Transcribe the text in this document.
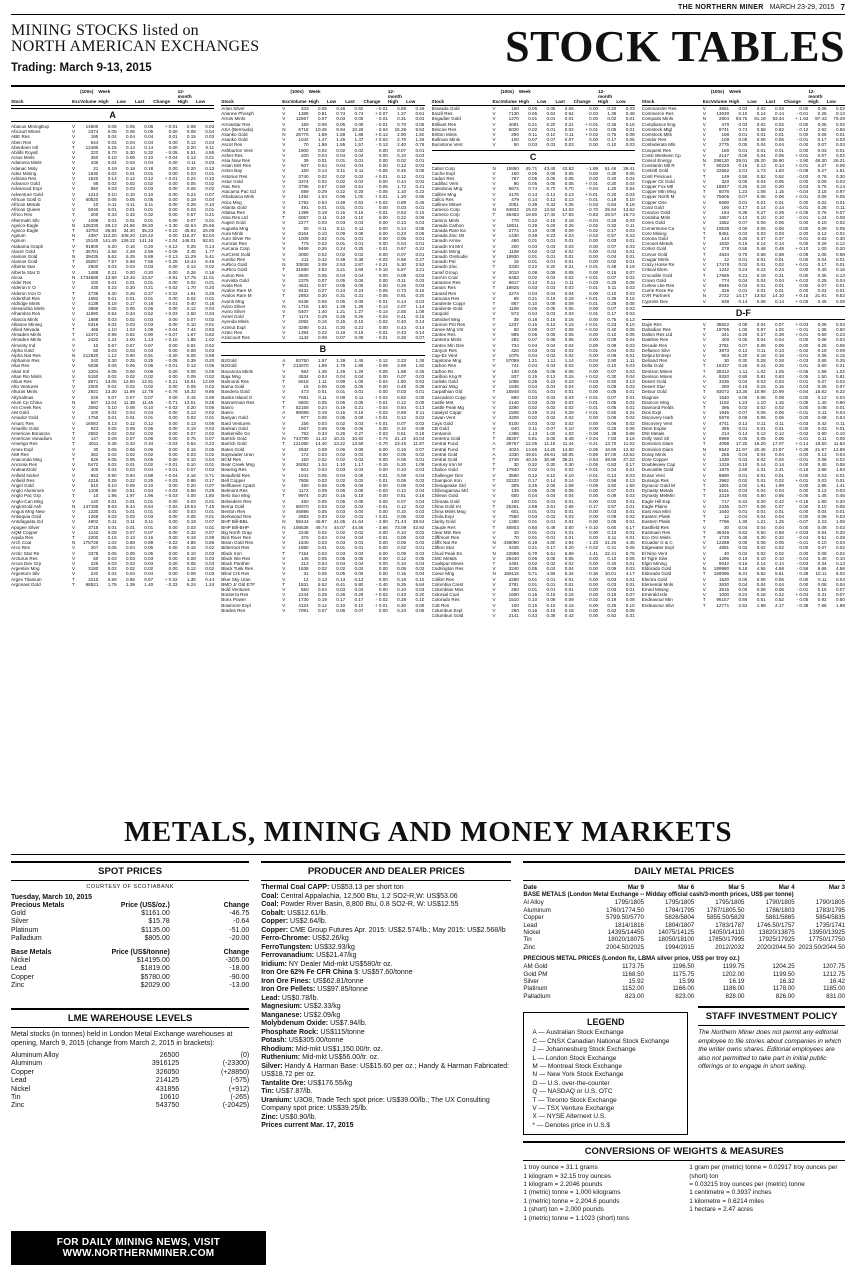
THE NORTHERN MINER MARCH 23-29, 2015 7
MINING STOCKS listed on
NORTH AMERICAN EXCHANGES
Trading: March 9-13, 2015	STOCK TABLES
(100s)	Week	12-month
Stock	Exc Volume High	Low	Last	Change	High	Low
A
Abacus MiningExp	V	14605	0.06	0.05	0.06	+ 0.01	0.08	0.03
Abcourt Mines	V	3374	0.05	0.05	0.05	0.00	0.08	0.04
ABE Res	V	195	0.04	0.04	0.04	0.01	0.15	0.03
Aben Res	V	644	0.04	0.04	0.04	0.00	0.12	0.04
Aberdeen Intl	T	12495	0.15	0.14	0.14	0.00	0.20	0.11
Abitibi Royalt	V	220	5.70	5.30	5.32	- 0.05	5.51	4.55
Actus Minls	V	360	0.10	0.06	0.10	+ 0.04	0.12	0.01
Adamera Minls	V	436	0.04	0.03	0.04	0.00	0.11	0.03
Adanac Moly	V	21	0.19	0.18	0.18	0.00	0.20	0.13
Adex Mining	V	1630	0.02	0.01	0.01	0.00	0.03	0.01
Adriana Res	V	1520	0.14	0.12	0.12	+ 0.01	0.24	0.10
Advance Gold	V	85	0.02	0.02	0.02	0.00	0.05	0.02
Advanced Expl	V	550	0.03	0.03	0.03	0.00	0.08	0.02
Adventure Gold	V	1213	0.10	0.10	0.10	0.00	0.24	0.07
African Gold G	V	60520	0.05	0.05	0.05	0.00	0.19	0.04
African Metals	V	10	0.11	0.11	0.11	0.00	0.28	0.10
African Queen	V	5040	0.01	0.01	0.01	0.00	0.03	0.01
Africo Res	T	209	0.33	0.32	0.32	0.00	0.57	0.21
Aftermath Silv	V	1096	0.01	0.01	0.01	0.00	0.07	0.01
Agnico-Eagle	N	126330	29.13	24.66	28.20	+ 3.30	42.64	25.65
Agnico-Eagle	T	43754	36.84	34.20	35.23	+ 0.10	45.92	25.05
Agrium	N	4397 112.20 108.20 110.42	0.00 116.37	82.04
Agrium	T	15145 141.49 136.22 141.16	+ 2.04 146.01	92.81
Alabama Graph	V	91909	0.20	0.16	0.20	+ 0.12	0.25	0.14
Alacer Gold	T	35781	2.56	2.28	2.56	+ 0.08	3.45	1.77
Alamos Gold	N	39435	5.62	5.25	5.89	+ 0.13	11.29	5.41
Alamos Gold	T	28287	7.57	6.68	7.55	+ 0.28	10.44	6.45
Alberta Star	V	2600	0.03	0.03	0.03	0.00	0.14	0.02
Alberta Star D	V	1488	0.21	0.20	0.20	0.00	0.26	0.16
Alcoa	N	1734588	13.89	13.34	13.57	- 0.91	17.75	11.01
Alder Res	V	100	0.01	0.01	0.01	0.00	0.02	0.01
Alderon Ir O	V	435	0.23	0.20	0.21	+ 0.02	1.70	0.20
Alderon Iron O	T	4736	0.30	0.26	0.27	+ 0.02	1.91	0.25
Aldershot Res	V	1082	0.01	0.01	0.01	0.00	0.02	0.01
Aldridge Minls	V	4139	0.18	0.17	0.18	+ 0.01	0.40	0.16
Alexandria Minls	V	3585	0.06	0.05	0.06	0.00	0.12	0.04
Alhambra Res	V	11690	0.54	0.34	0.52	+ 0.03	2.50	0.34
Alianza Minls	V	1688	0.03	0.02	0.03	0.00	0.07	0.02
Alliance Mining	V	5316	0.04	0.03	0.03	0.00	0.10	0.01
Allied Nevada	T	468	1.10	1.04	1.08	+ 0.04	7.42	0.83
Almaden Minls	T	12472	0.98	0.82	0.90	+ 0.07	1.67	0.82
Almaden Minls	A	2422	1.24	1.00	1.13	+ 0.10	1.85	1.02
Almonty Ind	V	10	0.67	0.67	0.67	0.00	0.91	0.62
Alpha Gold	V	50	0.03	0.03	0.03	0.00	0.08	0.03
Alpha Nat Res	N	212620	1.12	0.90	0.91	- 0.20	5.08	0.88
Alphamin Res	V	240	0.30	0.25	0.25	- 0.05	0.39	0.20
Altai Res	V	5035	0.06	0.06	0.06	+ 0.01	0.12	0.06
Altair Intl	V	3204	0.06	0.06	0.06	0.00	0.08	0.05
Altan Rio Minls	V	5150	0.02	0.02	0.02	0.00	0.09	0.02
Altius Res	T	8571	13.05	12.50	12.91	+ 0.21	15.81	12.00
Alto Ventures	V	2000	0.02	0.02	0.02	0.00	0.05	0.02
Alturas Minls	V	2921	13.30	11.89	12.78	+ 0.76	16.32	9.86
Altynalmas	V	226	0.07	0.07	0.07	0.00	0.15	0.06
Alum Cp China	N	587	12.04	11.38	11.45	- 0.71	13.01	8.26
Am Creek Res	V	3092	0.10	0.08	0.10	+ 0.02	0.20	0.06
AM Gold	V	100	0.04	0.04	0.04	0.00	0.13	0.02
Amador Gold	V	1750	0.01	0.01	0.01	0.00	0.02	0.01
Amarc Res	V	16083	0.13	0.12	0.12	0.00	0.13	0.06
Amarillo Gold	V	923	0.05	0.05	0.05	0.00	0.19	0.03
American Bonanza	T	2552	0.02	0.02	0.02	0.00	0.07	0.02
American Vanadium	V	147	0.09	0.07	0.09	0.00	0.75	0.07
Amerigo Res	T	4011	0.38	0.33	0.34	- 0.03	0.54	0.23
Amex Expl	V	30	0.06	0.06	0.06	0.00	0.15	0.05
AMI Res	V	362	0.02	0.02	0.02	0.00	0.03	0.02
Anaconda Mng	T	626	0.05	0.05	0.05	0.00	0.10	0.04
Anconia Res	V	5472	0.02	0.01	0.02	+ 0.01	0.10	0.01
AndeanGold	V	405	0.04	0.03	0.04	+ 0.01	0.07	0.03
Anfield Nickel	V	553	0.90	0.84	0.88	+ 0.04	2.16	0.71
Anfield Res	V	4216	0.26	0.22	0.25	+ 0.03	0.95	0.17
Angel Gold	V	510	0.10	0.08	0.10	0.00	0.20	0.07
Anglo Aluminum	V	1109	0.56	0.51	0.54	+ 0.03	0.58	0.29
Anglo Pac Grp	T	10	1.96	1.97	1.96	+ 0.03	4.00	1.80
Anglo-Can Mng	V	140	0.01	0.01	0.01	0.00	0.03	0.01
AngloGold Ash	N	147185	9.63	8.44	8.64	- 0.92	19.53	7.45
Angus Mng New	V	1330	0.01	0.01	0.01	0.00	0.03	0.01
Antioquia Gold	V	1265	0.03	0.02	0.03	0.00	0.05	0.01
Antofagasta Gd	V	4902	0.11	0.11	0.11	0.00	0.19	0.07
Apogee Silver	V	3715	0.01	0.01	0.01	0.00	0.03	0.01
AQM Copper	V	1142	0.09	0.07	0.07	0.00	0.32	0.07
Aquila Res	T	2200	0.15	0.13	0.15	0.00	0.19	0.09
Arch Coal	N	175726	1.04	0.88	0.88	- 0.22	4.85	0.86
Arco Res	V	207	0.05	0.04	0.05	0.00	0.15	0.02
Arctic Star Re	V	3378	0.05	0.05	0.05	0.00	0.10	0.03
Arcturus Res	V	50	0.03	0.03	0.03	0.00	0.08	0.03
Arcus Dev Grp	V	228	0.03	0.03	0.03	0.00	0.05	0.03
Argentex Mng	V	3180	0.02	0.02	0.02	0.00	0.12	0.02
Argentum Silv	V	240	0.04	0.04	0.04	0.00	0.08	0.03
Argex Titanium	T	3210	0.59	0.55	0.57	+ 0.02	1.35	0.44
Argonaut Gold	T	98521	1.76	1.39	1.40	- 0.33	6.24	1.24
(100s)	Week	12-month
Stock	Exc Volume High	Low	Last	Change	High	Low
Arian Silver	V	343	0.05	0.46	0.50	- 0.01	0.89	0.46
Arianne Phosph	V	1388	0.81	0.74	0.74	+ 0.07	1.37	0.61
Arrow Minls	V	12667	0.07	0.03	0.05	- 0.01	0.31	0.03
Arrowstar Res	V	169	0.06	0.05	0.06	- 0.01	0.70	0.05
ASA (Bermuda)	N	6716	10.45	9.94	10.26	- 0.04	15.36	9.53
Asanko Gold	N	26776	1.89	1.59	1.88	+ 0.12	2.90	1.50
Asanko Gold	V	1042	1.47	1.26	1.47	+ 0.04	2.76	1.26
Ascot Res	V	70	1.86	1.55	1.57	- 0.13	2.40	0.76
Ashburton Vent	V	1900	0.02	0.02	0.02	0.00	0.07	0.01
Asher Res	V	200	0.04	0.04	0.04	0.00	0.10	0.03
Asia Now Res	V	39	0.01	0.01	0.01	0.00	0.02	0.01
Asian Mnl Res	V	507	0.04	0.04	0.04	0.00	0.13	0.03
Aston Bay	V	160	0.14	0.11	0.11	- 0.05	0.45	0.08
Astorius Res	V	3740	0.02	0.02	0.02	+ 0.01	0.12	0.01
Astur Gold	V	3374	0.02	0.02	0.02	0.00	0.44	0.02
Atac Res	V	3785	0.57	0.50	0.51	- 0.05	1.72	0.41
Atacama Pac Gd	V	599	0.29	0.22	0.25	- 0.05	1.10	0.22
Athabasca Mnls	V	1492	1.04	0.96	1.00	+ 0.01	1.20	0.65
Atico Mng	V	1792	0.54	0.49	0.52	+ 0.02	0.89	0.46
Atlanta Gold	V	491	0.01	0.01	0.01	0.00	0.03	0.01
Atlatsa Res	X	1399	0.18	0.15	0.16	- 0.01	0.53	0.15
Atna Res Ltd	T	6067	0.11	0.10	0.10	0.00	0.22	0.06
Augen Gold	V	2277	0.03	0.03	0.03	0.00	0.13	0.03
Augusta Mng	V	50	0.11	0.11	0.11	0.00	0.14	0.09
Aura Minls	V	8164	0.10	0.09	0.09	0.00	0.23	0.06
Auro Silver Re	V	1009	0.02	0.01	0.01	0.00	0.06	0.01
Auroras Res	V	775	0.02	0.01	0.01	0.00	0.04	0.01
Aurcana Corp	V	9469	0.26	0.24	0.25	- 0.01	0.67	0.22
AurCrest Gold	V	3050	0.02	0.02	0.02	0.00	0.07	0.01
Aurelio Res	V	211	0.42	0.38	0.38	- 0.02	0.66	0.27
AuRico Gold	N	33838	3.09	2.53	2.87	+ 0.21	5.30	2.53
AuRico Gold	T	31680	3.82	3.21	3.69	+ 0.18	5.87	3.21
Aurion Res	V	3940	0.05	0.04	0.04	0.00	0.09	0.03
Aurvista Gold	V	2375	0.07	0.05	0.06	0.00	0.11	0.03
Avala Res	V	4631	0.07	0.05	0.05	0.00	0.26	0.04
Avalon Rare M	V	8432	0.27	0.24	0.24	- 0.05	0.73	0.15
Avalon Rare M	T	2883	0.30	0.31	0.31	- 0.05	0.81	0.20
Avanti Mng	V	6438	0.06	0.05	0.05	- 0.01	0.14	0.03
Avino Silver	N	1716	1.50	1.28	1.28	- 0.14	2.07	1.14
Avino Silver	V	5407	1.40	1.21	1.27	- 0.14	2.55	1.08
Avnel Gold	T	1174	0.29	0.26	0.26	- 0.04	0.41	0.15
Ayenda Minls	V	2082	0.16	0.15	0.15	- 0.02	0.40	0.14
Azimut Expl	V	3290	0.21	0.20	0.21	0.00	0.43	0.14
Aztec Res	V	1394	0.22	0.18	0.19	- 0.01	0.43	0.14
Azincourt Res	V	1142	0.09	0.07	0.08	- 0.01	0.26	0.07
B
B2Gold	A	93750	1.57	1.39	1.45	- 0.12	3.33	1.39
B2Gold	T	213070	1.89	1.79	1.86	- 0.09	3.69	1.60
Bacanora Minls	V	684	1.35	1.26	1.26	- 0.05	1.88	0.45
Baja Mng	V	4534	0.04	0.04	0.04	0.00	0.07	0.03
Balmoral Res	T	6618	1.11	0.99	1.05	- 0.04	1.80	0.63
Bama Gold	V	16	0.06	0.06	0.06	0.00	0.48	0.06
Bandera Gold	V	473	0.01	0.01	0.01	0.00	0.03	0.01
Banks Island G	V	7581	0.11	0.09	0.11	+ 0.02	0.82	0.05
Bannerman Res	T	5600	0.05	0.05	0.05	- 0.01	0.12	0.05
Banro	T	52168	0.24	0.19	0.21	- 0.04	0.84	0.13
Banro	A	98088	0.19	0.15	0.16	- 0.03	0.69	0.11
Banyan Gold	V	977	0.06	0.05	0.06	+ 0.01	0.12	0.02
Bard Ventures	V	156	0.03	0.02	0.03	+ 0.01	0.07	0.02
Barisan Gold	V	1667	0.06	0.06	0.06	0.00	0.10	0.06
Barkerville Go	V	782	0.33	0.26	0.27	- 0.03	0.51	0.18
Barrick Gold	N	743790	11.42	10.31	10.60	- 0.74	21.10	10.04
Barrick Gold	T	121080	14.40	13.22	13.56	- 0.70	23.45	11.87
Bateo Gold	V	2632	0.08	0.06	0.08	0.00	0.16	0.07
Bayswater Uran	V	172	0.03	0.02	0.03	0.00	0.05	0.02
BCM Res	V	150	0.02	0.02	0.02	0.00	0.06	0.01
Bear Creek Mng	V	26052	1.34	1.10	1.17	- 0.15	5.20	1.09
Bearing Res	V	501	0.03	0.03	0.03	0.00	0.10	0.03
Beaufield Res	V	1041	0.05	0.04	0.05	- 0.01	0.09	0.04
Bell Copper	V	7608	0.03	0.02	0.02	- 0.01	0.06	0.02
Bellhaven Cp&G	V	480	0.06	0.05	0.06	0.00	0.08	0.04
Belmont Res	V	1172	0.09	0.06	0.06	- 0.03	0.12	0.04
Belo Sun Mng	T	8974	0.20	0.16	0.18	0.00	0.51	0.16
Belvedere Res	V	450	0.05	0.05	0.05	0.00	0.07	0.04
Bema Gold	V	68370	0.03	0.02	0.02	- 0.01	0.12	0.02
Benton Res	V	46896	0.05	0.03	0.04	0.00	0.10	0.03
Berkwood Res	V	2683	0.03	0.02	0.03	+ 0.01	0.06	0.02
BHP Bill-BBL	N	59444	46.97	41.05	41.64	- 3.90	71.44	38.54
BHP Bill-BHP	N	108535	49.74	44.07	44.56	- 3.66	73.09	42.92
Big North Grap	V	2248	0.02	0.02	0.02	0.00	0.10	0.02
Bird River Res	V	376	0.04	0.04	0.04	- 0.01	0.06	0.03
Bison Gold Res	V	1640	0.03	0.03	0.03	0.00	0.05	0.02
Bitterroot Res	V	1880	0.01	0.01	0.01	0.00	0.02	0.01
Black Iron	T	7154	0.03	0.03	0.03	0.00	0.09	0.03
Black Isle Res	V	145	0.05	0.05	0.05	0.00	0.12	0.05
Black Panther	V	214	0.04	0.04	0.04	0.00	0.10	0.04
Black Tusk Res	V	1638	0.02	0.02	0.02	0.00	0.05	0.02
Blind Crk Res	V	31	0.05	0.05	0.05	0.00	0.15	0.04
Blue Sky Uran	V	12	0.13	0.13	0.13	0.00	0.19	0.10
BMO Jr Gld ETF	T	1531	6.52	6.41	5.80	- 0.40	9.25	5.84
Bold Ventures	V	550	0.04	0.03	0.04	0.00	0.10	0.03
Bonterra Res	V	2244	0.29	0.26	0.29	+ 0.02	0.43	0.20
Bonx Power	V	1730	0.19	0.17	0.17	- 0.02	0.28	0.10
Bowmore Expl	V	4124	0.12	0.10	0.10	+ 0.01	0.30	0.09
Brades Res	V	7091	0.07	0.06	0.07	0.00	0.23	0.06
(100s)	Week	12-month
Stock	Exc Volume High	Low	Last	Change	High	Low
Bravada Gold	V	160	0.05	0.05	0.05	0.00	0.20	0.03
Brazil Res	V	7130	0.65	0.62	0.64	- 0.03	1.36	0.48
Brigadier Gold	V	1270	0.01	0.01	0.01	0.00	0.02	0.01
Brilliant Res	V	4091	0.21	0.20	0.21	+ 0.01	0.45	0.15
Briscoe Res	V	5020	0.02	0.01	0.02	+ 0.01	0.05	0.01
Britton Minls	V	290	0.11	0.10	0.11	+ 0.02	0.75	0.08
Bullman Minls	V	100	0.07	0.07	0.07	0.00	0.17	0.05
Bumstone Vent	V	50	0.03	0.03	0.03	0.00	0.10	0.03
C
Cabot Corp	N	15880	45.71	43.49	43.83	- 1.89	61.46	39.41
Cache Expl	V	160	0.05	0.05	0.05	0.00	0.30	0.05
Cadan Res	V	787	0.05	0.05	0.05	0.00	0.40	0.04
Cadillac Vent	V	90	0.05	0.05	0.05	+ 0.01	0.30	0.04
Caledonia Mng	V	5674	0.74	0.70	0.70	- 0.04	1.20	0.54
Calibre Mng	V	4176	0.14	0.12	0.13	+ 0.01	0.20	0.03
Callco Res	V	479	0.14	0.12	0.13	- 0.01	0.19	0.10
Callinex Mines	V	2051	0.38	0.32	0.35	- 0.03	0.84	0.18
Cameco Corp	N	94822	15.02	13.62	14.03	- 0.70	25.84	13.62
Cameco Corp	T	45463	18.80	17.40	17.93	- 0.83	28.57	16.73
Camino Minls	V	770	0.22	0.16	0.18	- 0.04	0.26	0.03
Canada Carbon	V	18611	0.28	0.26	0.26	- 0.02	0.32	0.11
Canada Rare Ea	V	2774	0.10	0.09	0.09	- 0.02	0.17	0.03
Canada Zinc Mt	V	1430	0.39	0.23	0.23	- 0.02	0.57	0.23
Canadn Arrow	V	480	0.01	0.01	0.01	0.00	0.03	0.01
Canadn Int Mnl	V	200	0.03	0.03	0.03	0.00	0.07	0.03
Canadn Mnng	V	1108	0.02	0.02	0.02	0.00	0.04	0.01
Canadn Orebodie	V	18930	0.01	0.01	0.01	0.00	0.04	0.01
Canadn Pal	V	15	0.01	0.01	0.01	0.00	0.02	0.01
Canadn Zinc	T	3330	0.22	0.20	0.21	+ 0.01	0.49	0.18
Canaf Group	V	2010	0.08	0.08	0.08	0.00	0.15	0.07
CanAm Coal	V	6463	0.02	0.02	0.02	+ 0.01	0.07	0.02
Canamex Res	V	8617	0.14	0.11	0.11	- 0.03	0.25	0.06
Canarc Res	T	19825	0.03	0.03	0.03	- 0.01	0.11	0.03
Canasil Res	V	2274	0.04	0.04	0.04	0.00	0.10	0.03
Cancana Res	V	65	0.21	0.18	0.19	+ 0.01	0.36	0.15
Candente Coppr	T	887	0.10	0.09	0.09	- 0.01	0.29	0.08
Candente Gold	V	1109	0.05	0.05	0.05	0.00	0.07	0.03
Cangold	V	572	0.04	0.03	0.03	- 0.01	0.17	0.03
CaNickel Mng	T	38	0.18	0.16	0.16	0.00	0.75	0.13
Cannon Pnt Res	V	1237	0.15	0.12	0.15	+ 0.01	0.23	0.10
Canoe Mng Vnt	V	50	0.08	0.07	0.08	+ 0.02	0.40	0.05
Cantex Res	V	985	0.06	0.05	0.05	0.00	0.10	0.05
Canterra Minls	V	282	0.07	0.06	0.06	0.00	0.09	0.04
Cantex Min Dev	V	734	0.04	0.04	0.04	0.00	0.09	0.03
Canyon Res	V	320	0.03	0.02	0.02	- 0.01	0.04	0.02
Cap-Ex Vent	V	1075	0.04	0.02	0.02	0.00	0.09	0.01
Capstone Mng	T	57059	1.21	1.11	1.14	- 0.04	2.90	1.11
Carbon Res	V	741	0.04	0.03	0.03	0.00	0.10	0.03
Carbon Rx	V	100	0.05	0.05	0.05	0.00	0.07	0.03
Cariboo Kng R	V	837	0.15	0.12	0.15	+ 0.02	0.30	0.04
Carlisle Gold	V	1056	0.25	0.22	0.23	- 0.03	0.50	0.13
Carmax Mng	V	1538	0.04	0.04	0.04	0.00	0.09	0.03
Carpathian Gld	T	16948	0.01	0.01	0.01	0.00	0.05	0.01
Cascadero Copp	V	860	0.03	0.02	0.03	+ 0.01	0.07	0.01
Castle Mnt	V	2140	0.03	0.02	0.02	- 0.01	0.05	0.02
Castle Peak Mg	V	3290	0.02	0.02	0.02	- 0.01	0.05	0.01
Catalyst Coppr	V	1508	0.29	0.24	0.29	+ 0.01	0.60	0.24
Cavan Vent	V	4209	0.02	0.02	0.02	0.00	0.06	0.02
Cays Gold	V	5100	0.03	0.02	0.02	0.00	0.06	0.02
CB Gold	V	640	0.11	0.07	0.10	0.00	0.25	0.05
Centamin	T	1396	1.13	1.00	1.02	- 0.08	1.38	0.86
Centerra Gold	T	36207	5.81	5.05	5.48	+ 0.04	7.83	3.16
Central Fund	A	39767	12.05	11.19	11.44	- 0.21	13.75	11.02
Central Fund	T	4024	14.66	14.25	14.60	- 0.05	16.89	12.32
Central Gold	A	4330	49.61	48.61	50.05	- 0.86	57.05	42.52
Central Gold	T	2748	40.25	30.88	39.21	- 0.84	49.85	37.22
Century Iron M	T	30	0.32	0.30	0.30	- 0.05	0.83	0.17
Chalice Gold	T	17940	0.02	0.01	0.02	+ 0.01	0.04	0.01
Challenger Dev	V	3560	0.12	0.10	0.10	- 0.01	0.13	0.03
Champion Iron	T	32222	0.17	0.14	0.14	- 0.03	0.58	0.13
Chesapeake Gld	V	305	2.25	2.06	2.08	- 0.05	3.60	1.50
Chibougamau Md	V	135	0.05	0.05	0.05	0.00	0.07	0.01
Chilean Gold	V	600	0.04	0.04	0.04	0.00	0.09	0.03
Chimata Gold	V	100	0.01	0.01	0.01	0.00	0.02	0.01
China Gold Int	T	25261	2.88	2.61	2.65	- 0.17	3.57	2.01
China Minls Mng	V	601	0.01	0.01	0.01	0.00	0.03	0.01
Chola Expl	V	7550	0.03	0.03	0.03	0.00	0.06	0.02
Clarity Gold	V	1280	0.01	0.01	0.01	0.00	0.05	0.01
Claude Res	T	46803	0.60	0.49	0.60	+ 0.10	0.60	0.17
Clear Mtn Res	V	10	0.01	0.01	0.01	0.00	0.13	0.01
Cliffmont Res	V	70	0.01	0.01	0.01	0.00	0.11	0.01
Cliffs Nat Re	N	436090	6.18	4.80	4.94	- 1.33	21.25	4.45
Clifton Star	V	3428	0.21	0.17	0.20	+ 0.02	0.41	0.06
Cloud Peak En	N	22888	6.79	5.51	5.68	- 1.41	22.41	5.75
CMC Metals	V	28440	0.06	0.05	0.05	0.00	0.10	0.05
Coalspur Mines	T	4481	0.02	0.02	0.02	0.00	0.40	0.01
Codrington Res	V	3240	0.05	0.03	0.04	0.00	0.09	0.03
Coeur Mng	N	169115	5.71	4.95	5.34	- 0.36	10.01	4.17
Colibri Res	V	4280	0.01	0.01	0.01	0.00	0.03	0.01
Colombia Crest	V	3781	0.01	0.01	0.01	0.00	0.03	0.01
Colombian Mns	V	250	0.01	0.01	0.01	0.00	0.03	0.01
Colonial Coal	V	1600	0.15	0.15	0.15	0.00	0.19	0.07
Colorado Res	V	1510	0.10	0.08	0.09	- 0.02	0.19	0.08
Colt Res	V	100	0.15	0.15	0.15	0.00	0.25	0.10
Columbus Expl	V	250	0.16	0.16	0.16	0.00	0.62	0.05
Columbus Gold	V	2141	0.43	0.39	0.42	0.00	0.62	0.31
(100s)	Week	12-month
Stock	Exc Volume High	Low	Last	Change	High	Low
Commander Res	V	3651	0.03	0.02	0.03	0.00	0.06	0.02
Commerce Res	V	13630	0.15	0.14	0.14	- 0.01	0.25	0.13
Compass Minls	N	2804	93.75	91.19	93.44	+ 1.93	97.43	79.29
Compliance Eng	V	470	0.03	0.02	0.02	0.00	0.05	0.02
Comstock Mtgl	V	9741	0.74	0.58	0.62	- 0.12	2.62	0.56
Comstock Mtls	V	188	0.01	0.01	0.01	0.00	0.06	0.01
Condor Res	V	109	0.05	0.05	0.05	- 0.01	0.17	0.03
Confederatn Mls	V	2775	0.05	0.04	0.04	0.00	0.07	0.03
Conquest Res	V	180	0.01	0.01	0.01	0.00	0.03	0.01
Consl Westvien Cp	V	2147	0.05	0.04	0.05	+ 0.01	0.07	0.02
Consol Energy	N	296130	29.01	26.20	26.90	- 2.90	48.30	26.21
Constantn Mtl R	T	50220	0.15	0.13	0.14	+ 0.01	0.27	0.06
Contintl Gold	V	22662	2.01	1.73	1.83	- 0.09	5.27	1.61
Contl Precious	T	149	0.55	0.52	0.52	- 0.03	0.78	0.30
Copper Ck Gold	V	320	0.05	0.04	0.05	0.00	0.09	0.03
Copper Fox Mtl	V	18847	0.25	0.18	0.20	- 0.03	0.76	0.14
Copper Mtn Mng	T	6078	1.23	1.08	1.15	- 0.04	3.15	0.97
Copper North M	V	75605	0.07	0.06	0.06	+ 0.01	0.09	0.05
Copper One	V	6690	0.01	0.01	0.01	0.00	0.02	0.01
Coral Gold	V	190	0.17	0.14	0.14	- 0.01	0.26	0.11
Corazon Gold	V	164	0.38	0.27	0.29	+ 0.05	0.76	0.07
Cordoba Mnls	V	1657	0.12	0.10	0.10	- 0.01	1.24	0.08
Corex Gold	V	1552	0.07	0.06	0.06	0.00	0.10	0.02
Cornerstone Ca	V	10536	0.06	0.05	0.06	0.00	0.09	0.05
Coro Mining	T	8451	0.03	0.03	0.03	0.00	0.12	0.02
Corona Gold	T	144	0.39	0.37	0.37	- 0.01	0.63	0.30
Coronet Metals	V	1630	0.15	0.14	0.14	0.00	0.29	0.12
Cortez Gold	V	278	0.55	0.48	0.48	+ 0.10	1.00	0.20
Corvus Gold	T	4634	0.75	0.68	0.68	- 0.08	2.05	0.68
Cougar Minls	V	12	0.01	0.01	0.01	0.00	0.04	0.01
Crazy Horse Re	V	17478	0.02	0.01	0.02	+ 0.01	0.17	0.01
Critical Elem	V	1242	0.24	0.22	0.24	0.00	0.40	0.16
Crocodile Gold	T	17665	0.21	0.19	0.21	0.00	0.35	0.13
Crown Gold	V	774	0.04	0.04	0.04	+ 0.02	0.25	0.04
Curlew Lke Res	V	8946	0.02	0.01	0.01	0.00	0.07	0.01
Currie Rose Re	V	326	0.01	0.01	0.01	0.00	0.02	0.01
CVR Partners	N	2722	14.17	13.53	14.10	+ 0.15	21.91	9.52
Cypress Dev	V	838	0.14	0.08	0.14	+ 0.05	0.45	0.08
D-F
Dajin Res	V	36922	0.08	0.04	0.07	+ 0.03	0.08	0.04
Dalradian Res	T	19795	1.06	0.97	1.02	- 0.01	1.35	0.60
Dalton Res Ltd	V	341	0.28	0.27	0.28	+ 0.01	0.50	0.23
Dateline Res	V	400	0.05	0.04	0.04	0.00	0.08	0.03
Decade Res	V	3781	0.07	0.06	0.06	0.00	0.25	0.05
Defiance Silvr	V	3873	0.12	0.11	0.13	- 0.02	0.19	0.09
Delpui Entrepr	V	653	0.20	0.18	0.18	- 0.01	0.36	0.15
Delrand Res	V	30	0.30	0.28	0.28	- 0.03	0.65	0.25
Delta Gold	T	16337	0.26	0.24	0.25	- 0.01	0.60	0.21
Denison Mines	T	28312	1.11	1.02	1.05	- 0.05	1.88	1.02
Denison Mines	A	9320	0.89	0.81	0.83	- 0.05	1.50	0.81
Desert Gold	V	3236	0.04	0.03	0.03	- 0.01	0.07	0.02
Desert Star	V	280	0.18	0.15	0.15	- 0.03	0.25	0.07
Detour Gold	T	83072	13.39	10.98	10.99	- 0.84	15.82	6.22
Diagnos	V	1540	0.09	0.08	0.08	0.00	0.12	0.04
Diamcor Mng	V	1152	1.24	1.10	1.15	- 0.05	1.40	0.90
Diamond Fields	T	395	0.02	0.02	0.02	0.00	0.08	0.01
Dios Expl	V	1945	0.07	0.06	0.06	- 0.01	0.11	0.04
Discovery Harb	V	5878	0.06	0.05	0.06	0.00	0.08	0.04
Discovery Vent	V	4741	0.13	0.11	0.11	- 0.03	0.42	0.11
Diem Explor	V	365	0.01	0.01	0.01	0.00	0.03	0.01
DNI Metals	V	214	0.14	0.12	0.12	- 0.02	0.90	0.10
Dolly Vard Sil	V	6969	0.05	0.05	0.05	- 0.01	0.11	0.05
Dominion Diam	T	4098	17.25	16.20	17.07	+ 0.14	18.50	11.83
Dominion Diam	N	6542	21.97	20.45	21.87	+ 0.39	21.97	12.89
Doray Minls	V	255	0.04	0.04	0.04	0.00	0.13	0.04
Dore Copper	V	1230	0.03	0.02	0.02	- 0.01	0.08	0.02
Doubleview Cap	V	1319	0.15	0.14	0.14	0.00	0.40	0.08
Duncastle Gold	V	1875	2.69	2.31	2.31	- 0.16	3.88	1.93
Duran Vent	V	8890	0.01	0.01	0.01	0.00	0.03	0.01
Durango Res	V	3962	0.02	0.01	0.02	+ 0.01	0.03	0.01
Dynacor Gold M	T	1801	2.00	1.91	1.99	0.00	2.85	1.41
Dynasty Metals	T	5161	0.04	0.04	0.04	0.00	0.12	0.03
Dynasty MetMin	T	3319	0.60	0.50	0.55	- 0.05	1.45	0.45
Eagle Hill Exp	V	717	0.42	0.20	0.42	+ 0.16	1.80	0.20
Eagle Plains	V	2335	0.07	0.06	0.07	0.00	0.10	0.05
East Asia Minl	V	1640	0.01	0.01	0.01	0.00	0.04	0.01
Eastern Platin	T	12	0.04	0.04	0.04	0.00	0.06	0.03
Eastern Platin	T	7796	1.39	1.21	1.25	- 0.07	2.23	1.09
Eastfield Res	V	30	0.04	0.04	0.04	0.00	0.06	0.03
Eastmain Res	T	46346	0.62	0.50	0.58	+ 0.03	0.64	0.20
Eco Oro Minls	T	1729	0.35	0.30	0.32	- 0.04	0.51	0.29
Ecuador G & C	V	12288	0.06	0.05	0.05	- 0.01	0.10	0.04
Edgewater Expl	V	4681	0.02	0.02	0.02	0.00	0.07	0.02
El Nino Vent	V	40	0.02	0.02	0.02	0.00	0.09	0.02
El Tigre Silvr	V	1265	0.16	0.10	0.10	- 0.04	0.40	0.10
Elgin Mining	V	9042	0.16	0.14	0.14	- 0.03	0.34	0.13
Eldorado Gold	N	189980	5.18	4.56	4.59	- 0.56	9.66	4.56
Eldorado Gold	T	159086	6.31	5.52	5.61	- 0.49	10.11	5.02
Electra Gold	V	1520	0.05	0.05	0.05	0.00	0.11	0.04
Elemental Mnls	V	3630	0.04	0.04	0.04	0.00	0.08	0.04
Emed Mining	V	3515	0.09	0.08	0.08	- 0.01	0.15	0.07
Emerald Isle	V	1000	0.22	0.18	0.22	+ 0.04	0.31	0.07
Endeavour Min	T	96157	0.59	0.51	0.52	- 0.05	0.92	0.50
Endeavour Silvr	T	12771	2.52	1.98	2.17	- 0.38	7.66	1.98
METALS, MINING AND MONEY MARKETS
SPOT PRICES
COURTESY OF SCOTIABANK
Tuesday, March 10, 2015
Precious Metals	Price (US$/oz.)	Change
Gold	$1161.00	-46.75
Silver	$15.78	-0.64
Platinum	$1135.00	-51.00
Palladium	$805.00	-20.00
Base Metals	Price (US$/tonne)	Change
Nickel	$14195.00	-305.00
Lead	$1819.00	-18.00
Copper	$5780.00	-90.00
Zinc	$2029.00	-13.00
LME WAREHOUSE LEVELS
Metal stocks (in tonnes) held in London Metal Exchange warehouses at opening, March 9, 2015 (change from March 2, 2015 in brackets):
Aluminum Alloy	26500	(0)
Aluminum	3916125	(-23300)
Copper	326050	(+28850)
Lead	214125	(-575)
Nickel	431856	(+912)
Tin	10610	(-265)
Zinc	543750	(-20425)
PRODUCER AND DEALER PRICES
Thermal Coal CAPP: US$53.13 per short ton
Coal: Central Appalachia, 12,500 Btu, 1.2 SO2-R,W: US$53.06
Coal: Powder River Basin, 8,800 Btu, 0.8 SO2-R, W: US$12.55
Cobalt: US$12.61/lb.
Copper: US$2.64/lb.
Copper: CME Group Futures Apr. 2015: US$2.574/lb.; May 2015: US$2.568/lb
Ferro-Chrome: US$2.26/kg
FerroTungsten: US$32.93/kg
Ferrovanadium: US$21.47/kg
Iridium: NY Dealer Mid-mkt US$580/tr oz.
Iron Ore 62% Fe CFR China $: US$57.60/tonne
Iron Ore Fines: US$62.81/tonne
Iron Ore Pellets: US$97.85/tonne
Lead: US$0.78/lb.
Magnesium: US$2.33/kg
Manganese: US$2.09/kg
Molybdenum Oxide: US$7.94/lb.
Phosphate Rock: US$115/tonne
Potash: US$305.00/tonne
Rhodium: Mid-mkt US$1,150.00/tr. oz.
Ruthenium: Mid-mkt US$56.00/tr. oz.
Silver: Handy & Harman Base: US$15.60 per oz.; Handy & Harman Fabricated: US$18.72 per oz.
Tantalite Ore: US$176.55/kg
Tin: US$7.87/lb.
Uranium: U3O8, Trade Tech spot price: US$39.00/lb.; The UX Consulting Company spot price: US$39.25/lb.
Zinc: US$0.90/lb.
Prices current Mar. 17, 2015
DAILY METAL PRICES
Date	Mar 9	Mar 6	Mar 5	Mar 4	Mar 3
BASE METALS (London Metal Exchange -- Midday official cash/3-month prices, US$ per tonne)
Al Alloy	1795/1805	1795/1805	1795/1805	1790/1805	1790/1805
Aluminum	1760/1774.50	1784/1795	1787/1805.50	1786/1803	1783/1795
Copper	5799.50/5770	5826/5804	5855.50/5829	5881/5865	5854/5835
Lead	1814/1816	1804/1807	1783/1787	1746.50/1757	1735/1741
Nickel	14395/14450	14075/14125	14050/14110	13820/13875	13950/13925
Tin	18020/18075	18050/18100	17850/17995	17925/17925	17750/17750
Zinc	2004.50/2025	1994/2015	2012/2032	2020/2044.50 2023.50/2044.50
PRECIOUS METAL PRICES (London fix, LBMA silver price, US$ per troy oz.)
AM Gold	1173.75	1196.50	1199.75	1204.25	1207.75
Gold PM	1168.50	1175.75	1202.00	1199.50	1212.75
Silver	15.92	15.99	16.19	16.32	16.42
Platinum	1152.00	1166.00	1186.00	1178.00	1185.00
Palladium	823.00	823.00	828.00	826.00	831.00
LEGEND
A — Australian Stock Exchange
C — CNSX Canadian National Stock Exchange
J — Johannesburg Stock Exchange
L — London Stock Exchange
M — Montreal Stock Exchange
N — New York Stock Exchange
O — U.S. over-the-counter
Q — NASDAQ or U.S. OTC
T — Toronto Stock Exchange
V — TSX Venture Exchange
X — NYSE Alternext U.S.
* — Denotes price in U.S.$
STAFF INVESTMENT POLICY
The Northern Miner does not permit any editorial employee to file stories about companies in which the writer owns shares. Editorial employees are also not permitted to take part in initial public offerings or to engage in short selling.
CONVERSIONS OF WEIGHTS & MEASURES
1 troy ounce = 31.1 grams
1 kilogram = 32.15 troy ounces
1 kilogram = 2.2046 pounds
1 (metric) tonne = 1,000 kilograms
1 (metric) tonne = 2,204.6 pounds
1 (short) ton = 2,000 pounds
1 (metric) tonne = 1.1023 (short) tons
1 gram per (metric) tonne = 0.02917 troy ounces per (short) ton
= 0.03215 troy ounces per (metric) tonne
1 centimetre = 0.3937 inches
1 kilometre = 0.6214 miles
1 hectare = 2.47 acres
FOR DAILY MINING NEWS, VISIT WWW.NORTHERNMINER.COM
